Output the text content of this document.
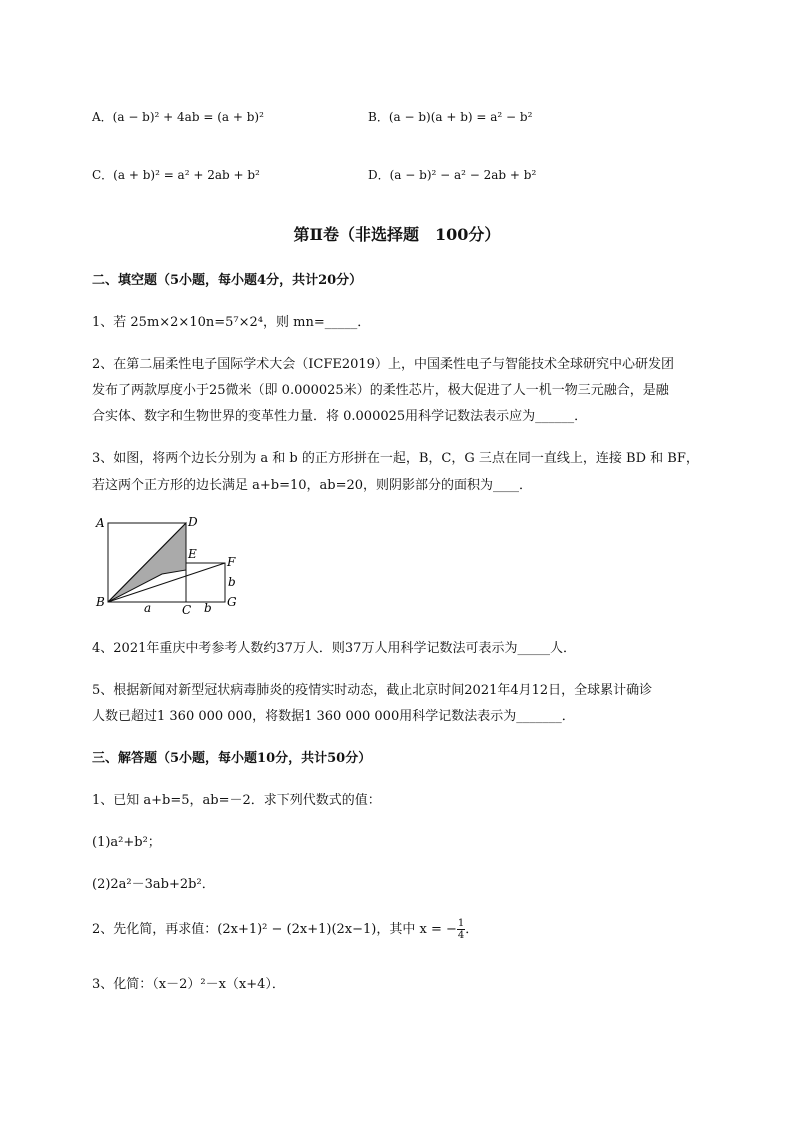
A．(a − b)² + 4ab = (a + b)²	B．(a − b)(a + b) = a² − b²
C．(a + b)² = a² + 2ab + b²	D．(a − b)² − a² − 2ab + b²
第Ⅱ卷（非选择题　100分）
二、填空题（5小题，每小题4分，共计20分）
1、若 25m×2×10n=5⁷×2⁴，则 mn=_____．
2、在第二届柔性电子国际学术大会（ICFE2019）上，中国柔性电子与智能技术全球研究中心研发团
发布了两款厚度小于25微米（即 0.000025米）的柔性芯片，极大促进了人一机一物三元融合，是融
合实体、数字和生物世界的变革性力量．将 0.000025用科学记数法表示应为______．
3、如图，将两个边长分别为 a 和 b 的正方形拼在一起，B，C，G 三点在同一直线上，连接 BD 和 BF，
若这两个正方形的边长满足 a+b=10，ab=20，则阴影部分的面积为____．
A	D
E
F
B
C
G
a	b
b
4、2021年重庆中考参考人数约37万人．则37万人用科学记数法可表示为_____人．
5、根据新闻对新型冠状病毒肺炎的疫情实时动态，截止北京时间2021年4月12日，全球累计确诊
人数已超过1 360 000 000，将数据1 360 000 000用科学记数法表示为_______．
三、解答题（5小题，每小题10分，共计50分）
1、已知 a+b=5，ab=－2．求下列代数式的值：
(1)a²+b²；
(2)2a²－3ab+2b²．
2、先化简，再求值：(2x+1)² − (2x+1)(2x−1)，其中 x = − $\frac{1}{4}$ ．
3、化简：（x－2）²－x（x+4）．
